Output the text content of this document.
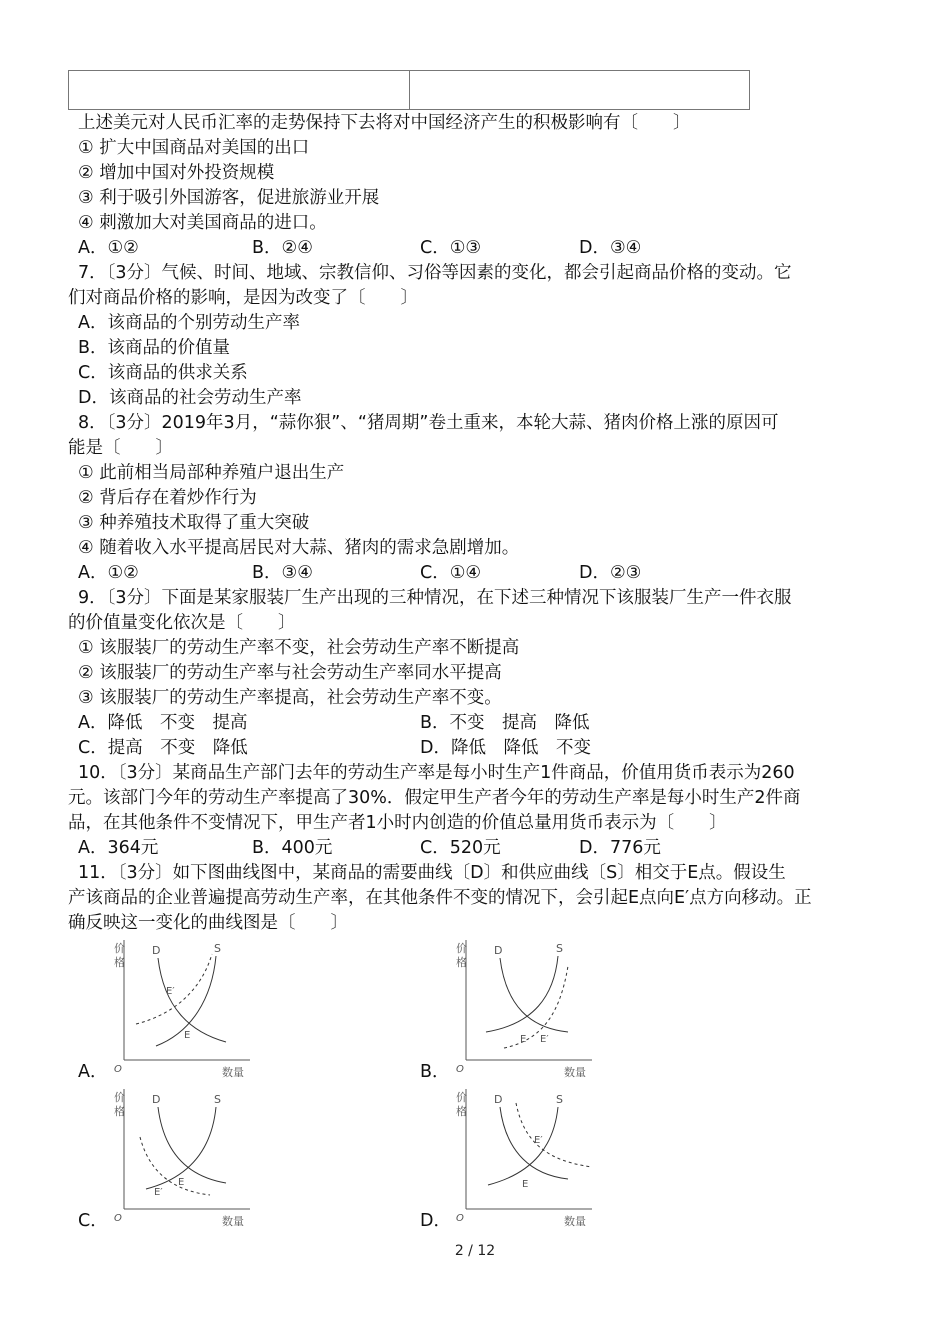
上述美元对人民币汇率的走势保持下去将对中国经济产生的积极影响有〔　　〕
① 扩大中国商品对美国的出口
② 增加中国对外投资规模
③ 利于吸引外国游客，促进旅游业开展
④ 刺激加大对美国商品的进口。
A．①②	B．②④	C．①③	D．③④
7．〔3分〕气候、时间、地域、宗教信仰、习俗等因素的变化，都会引起商品价格的变动。它
们对商品价格的影响，是因为改变了〔　　〕
A．该商品的个别劳动生产率
B．该商品的价值量
C．该商品的供求关系
D．该商品的社会劳动生产率
8．〔3分〕2019年3月，“蒜你狠”、“猪周期”卷土重来，本轮大蒜、猪肉价格上涨的原因可
能是〔　　〕
① 此前相当局部种养殖户退出生产
② 背后存在着炒作行为
③ 种养殖技术取得了重大突破
④ 随着收入水平提高居民对大蒜、猪肉的需求急剧增加。
A．①②	B．③④	C．①④	D．②③
9．〔3分〕下面是某家服装厂生产出现的三种情况，在下述三种情况下该服装厂生产一件衣服
的价值量变化依次是〔　　〕
① 该服装厂的劳动生产率不变，社会劳动生产率不断提高
② 该服装厂的劳动生产率与社会劳动生产率同水平提高
③ 该服装厂的劳动生产率提高，社会劳动生产率不变。
A．降低　不变　提高	B．不变　提高　降低
C．提高　不变　降低	D．降低　降低　不变
10．〔3分〕某商品生产部门去年的劳动生产率是每小时生产1件商品，价值用货币表示为260
元。该部门今年的劳动生产率提高了30%．假定甲生产者今年的劳动生产率是每小时生产2件商
品，在其他条件不变情况下，甲生产者1小时内创造的价值总量用货币表示为〔　　〕
A．364元	B．400元	C．520元	D．776元
11．〔3分〕如下图曲线图中，某商品的需要曲线〔D〕和供应曲线〔S〕相交于E点。假设生
产该商品的企业普遍提高劳动生产率，在其他条件不变的情况下，会引起E点向E′点方向移动。正
确反映这一变化的曲线图是〔　　〕
A．	B．
C．	D．
价
格
O	数量
D	S
E′
E
价
格
O	数量
D	S
E E′
价
格
O	数量
D	S
E
E′
价
格
O	数量
D	S
E′
E
2 / 12
